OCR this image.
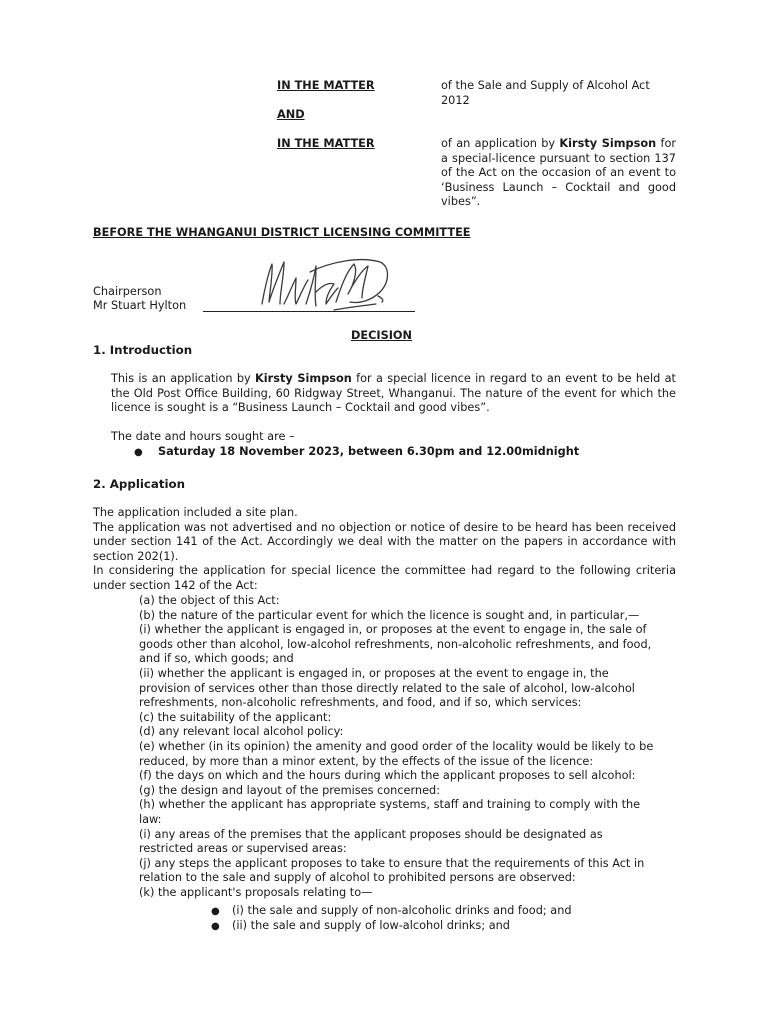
IN THE MATTER	of the Sale and Supply of Alcohol Act
2012
AND
IN THE MATTER	of an application by Kirsty Simpson for
a special-licence pursuant to section 137
of the Act on the occasion of an event to
‘Business Launch – Cocktail and good
vibes”.
BEFORE THE WHANGANUI DISTRICT LICENSING COMMITTEE
Chairperson
Mr Stuart Hylton
DECISION
1. Introduction
This is an application by Kirsty Simpson for a special licence in regard to an event to be held at
the Old Post Office Building, 60 Ridgway Street, Whanganui. The nature of the event for which the
licence is sought is a “Business Launch – Cocktail and good vibes”.
The date and hours sought are –
● Saturday 18 November 2023, between 6.30pm and 12.00midnight
2. Application
The application included a site plan.
The application was not advertised and no objection or notice of desire to be heard has been received
under section 141 of the Act. Accordingly we deal with the matter on the papers in accordance with
section 202(1).
In considering the application for special licence the committee had regard to the following criteria
under section 142 of the Act:
(a) the object of this Act:
(b) the nature of the particular event for which the licence is sought and, in particular,—
(i) whether the applicant is engaged in, or proposes at the event to engage in, the sale of
goods other than alcohol, low-alcohol refreshments, non-alcoholic refreshments, and food,
and if so, which goods; and
(ii) whether the applicant is engaged in, or proposes at the event to engage in, the
provision of services other than those directly related to the sale of alcohol, low-alcohol
refreshments, non-alcoholic refreshments, and food, and if so, which services:
(c) the suitability of the applicant:
(d) any relevant local alcohol policy:
(e) whether (in its opinion) the amenity and good order of the locality would be likely to be
reduced, by more than a minor extent, by the effects of the issue of the licence:
(f) the days on which and the hours during which the applicant proposes to sell alcohol:
(g) the design and layout of the premises concerned:
(h) whether the applicant has appropriate systems, staff and training to comply with the
law:
(i) any areas of the premises that the applicant proposes should be designated as
restricted areas or supervised areas:
(j) any steps the applicant proposes to take to ensure that the requirements of this Act in
relation to the sale and supply of alcohol to prohibited persons are observed:
(k) the applicant's proposals relating to—
● (i) the sale and supply of non-alcoholic drinks and food; and
● (ii) the sale and supply of low-alcohol drinks; and
